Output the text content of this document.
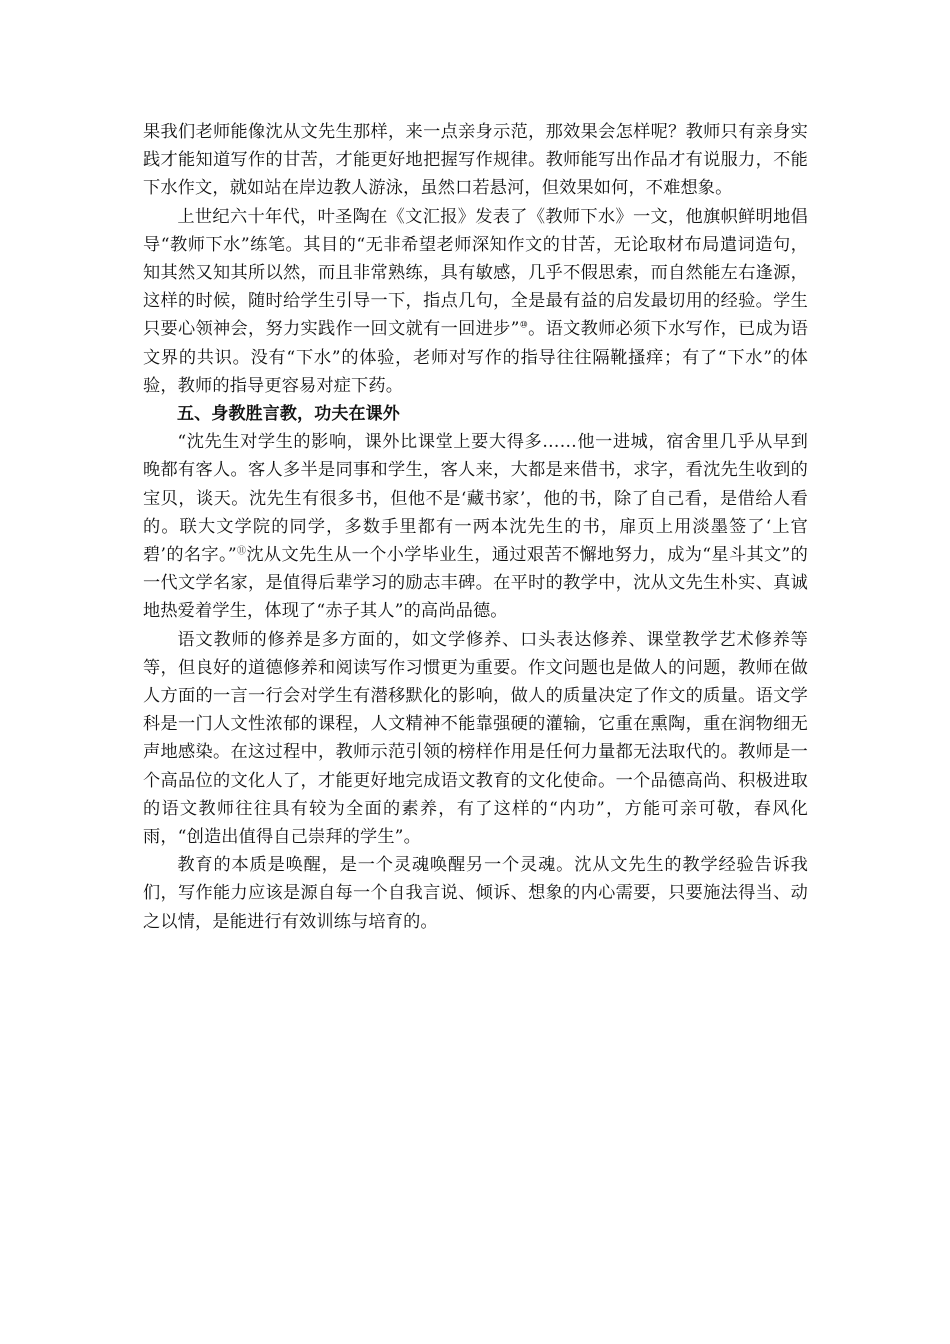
果我们老师能像沈从文先生那样，来一点亲身示范，那效果会怎样呢？教师只有亲身实践才能知道写作的甘苦，才能更好地把握写作规律。教师能写出作品才有说服力，不能下水作文，就如站在岸边教人游泳，虽然口若悬河，但效果如何，不难想象。

上世纪六十年代，叶圣陶在《文汇报》发表了《教师下水》一文，他旗帜鲜明地倡导“教师下水”练笔。其目的“无非希望老师深知作文的甘苦，无论取材布局遣词造句，知其然又知其所以然，而且非常熟练，具有敏感，几乎不假思索，而自然能左右逢源，这样的时候，随时给学生引导一下，指点几句，全是最有益的启发最切用的经验。学生只要心领神会，努力实践作一回文就有一回进步”⑩。语文教师必须下水写作，已成为语文界的共识。没有“下水”的体验，老师对写作的指导往往隔靴搔痒；有了“下水”的体验，教师的指导更容易对症下药。

五、身教胜言教，功夫在课外

“沈先生对学生的影响，课外比课堂上要大得多……他一进城，宿舍里几乎从早到晚都有客人。客人多半是同事和学生，客人来，大都是来借书，求字，看沈先生收到的宝贝，谈天。沈先生有很多书，但他不是‘藏书家’，他的书，除了自己看，是借给人看的。联大文学院的同学，多数手里都有一两本沈先生的书，扉页上用淡墨签了‘上官碧’的名字。”⑪沈从文先生从一个小学毕业生，通过艰苦不懈地努力，成为“星斗其文”的一代文学名家，是值得后辈学习的励志丰碑。在平时的教学中，沈从文先生朴实、真诚地热爱着学生，体现了“赤子其人”的高尚品德。

语文教师的修养是多方面的，如文学修养、口头表达修养、课堂教学艺术修养等等，但良好的道德修养和阅读写作习惯更为重要。作文问题也是做人的问题，教师在做人方面的一言一行会对学生有潜移默化的影响，做人的质量决定了作文的质量。语文学科是一门人文性浓郁的课程，人文精神不能靠强硬的灌输，它重在熏陶，重在润物细无声地感染。在这过程中，教师示范引领的榜样作用是任何力量都无法取代的。教师是一个高品位的文化人了，才能更好地完成语文教育的文化使命。一个品德高尚、积极进取的语文教师往往具有较为全面的素养，有了这样的“内功”，方能可亲可敬，春风化雨，“创造出值得自己崇拜的学生”。

教育的本质是唤醒，是一个灵魂唤醒另一个灵魂。沈从文先生的教学经验告诉我们，写作能力应该是源自每一个自我言说、倾诉、想象的内心需要，只要施法得当、动之以情，是能进行有效训练与培育的。
